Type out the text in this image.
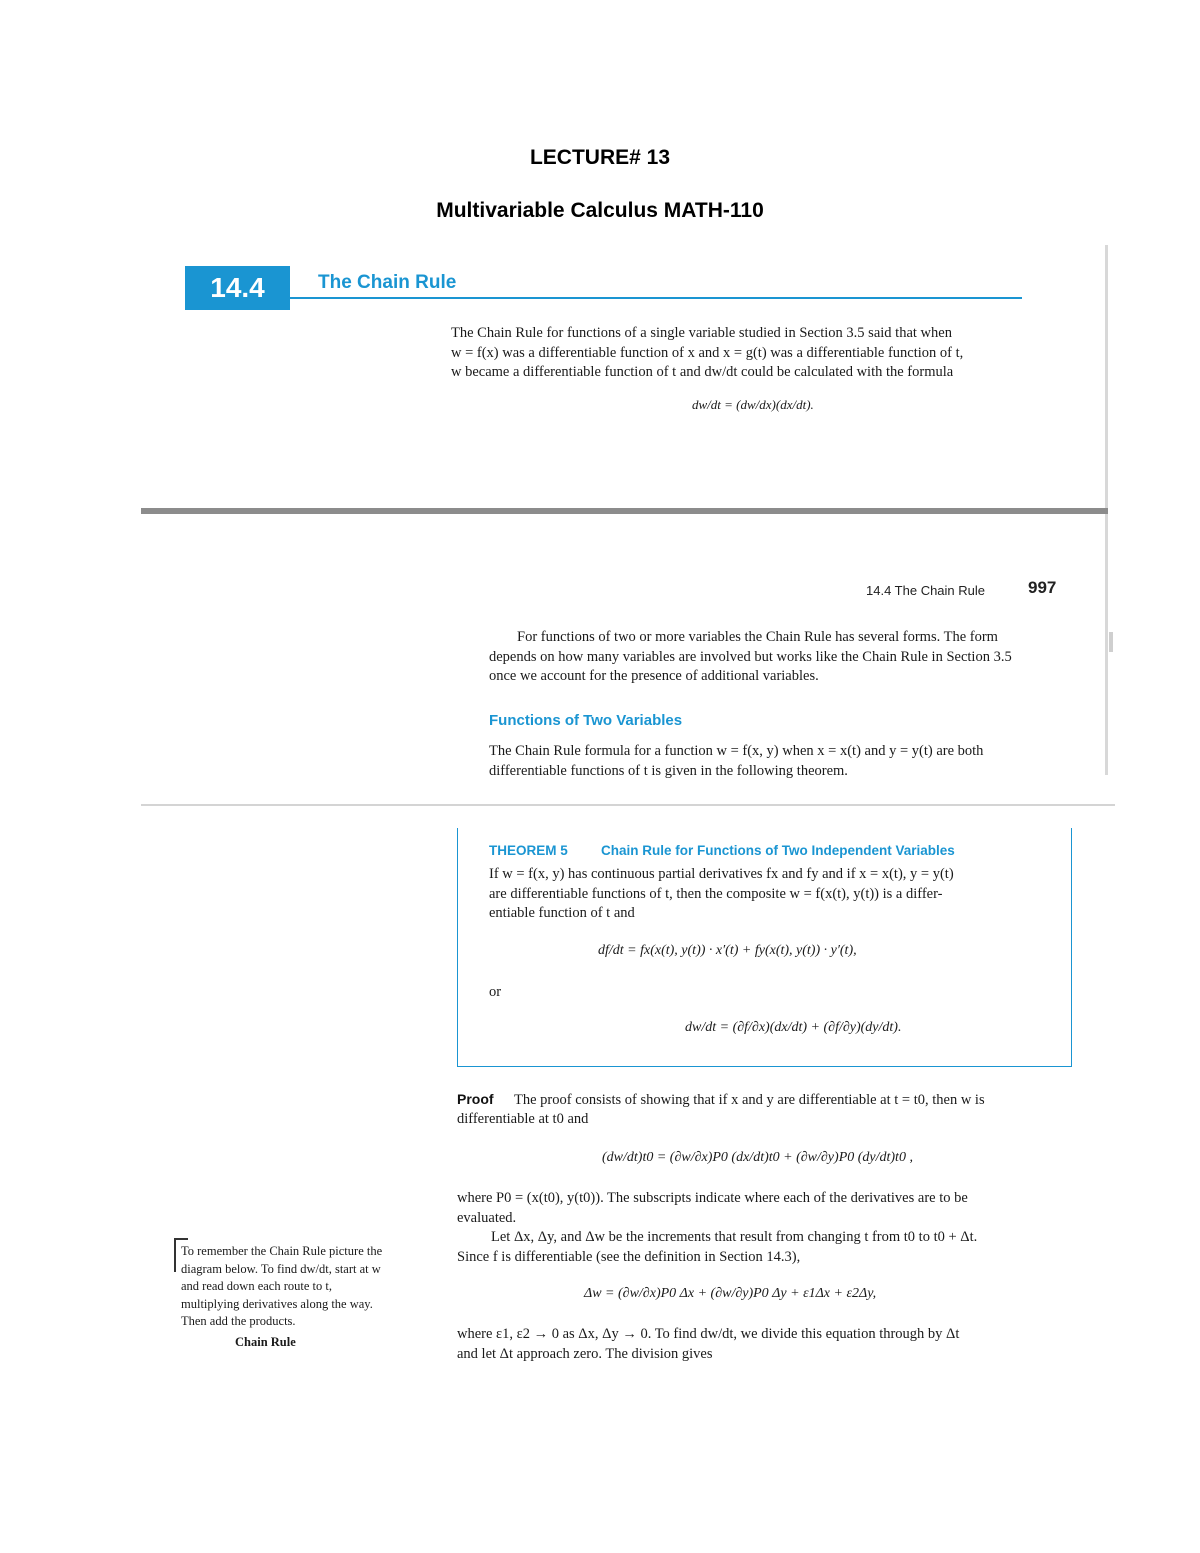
LECTURE# 13
Multivariable Calculus MATH-110
14.4	The Chain Rule
The Chain Rule for functions of a single variable studied in Section 3.5 said that when
w = f(x) was a differentiable function of x and x = g(t) was a differentiable function of t,
w became a differentiable function of t and dw/dt could be calculated with the formula
dw/dt = (dw/dx)(dx/dt).
14.4 The Chain Rule	997
For functions of two or more variables the Chain Rule has several forms. The form
depends on how many variables are involved but works like the Chain Rule in Section 3.5
once we account for the presence of additional variables.
Functions of Two Variables
The Chain Rule formula for a function w = f(x, y) when x = x(t) and y = y(t) are both
differentiable functions of t is given in the following theorem.
THEOREM 5 Chain Rule for Functions of Two Independent Variables
If w = f(x, y) has continuous partial derivatives fx and fy and if x = x(t), y = y(t)
are differentiable functions of t, then the composite w = f(x(t), y(t)) is a differ-
entiable function of t and
df/dt = fx(x(t), y(t)) · x′(t) + fy(x(t), y(t)) · y′(t),
or
dw/dt = (∂f/∂x)(dx/dt) + (∂f/∂y)(dy/dt).
Proof The proof consists of showing that if x and y are differentiable at t = t0, then w is
differentiable at t0 and
(dw/dt)t0 = (∂w/∂x)P0 (dx/dt)t0 + (∂w/∂y)P0 (dy/dt)t0 ,
where P0 = (x(t0), y(t0)). The subscripts indicate where each of the derivatives are to be
evaluated.
Let Δx, Δy, and Δw be the increments that result from changing t from t0 to t0 + Δt.
Since f is differentiable (see the definition in Section 14.3),
Δw = (∂w/∂x)P0 Δx + (∂w/∂y)P0 Δy + ε1Δx + ε2Δy,
where ε1, ε2 → 0 as Δx, Δy → 0. To find dw/dt, we divide this equation through by Δt
and let Δt approach zero. The division gives
To remember the Chain Rule picture the
diagram below. To find dw/dt, start at w
and read down each route to t,
multiplying derivatives along the way.
Then add the products.
Chain Rule
